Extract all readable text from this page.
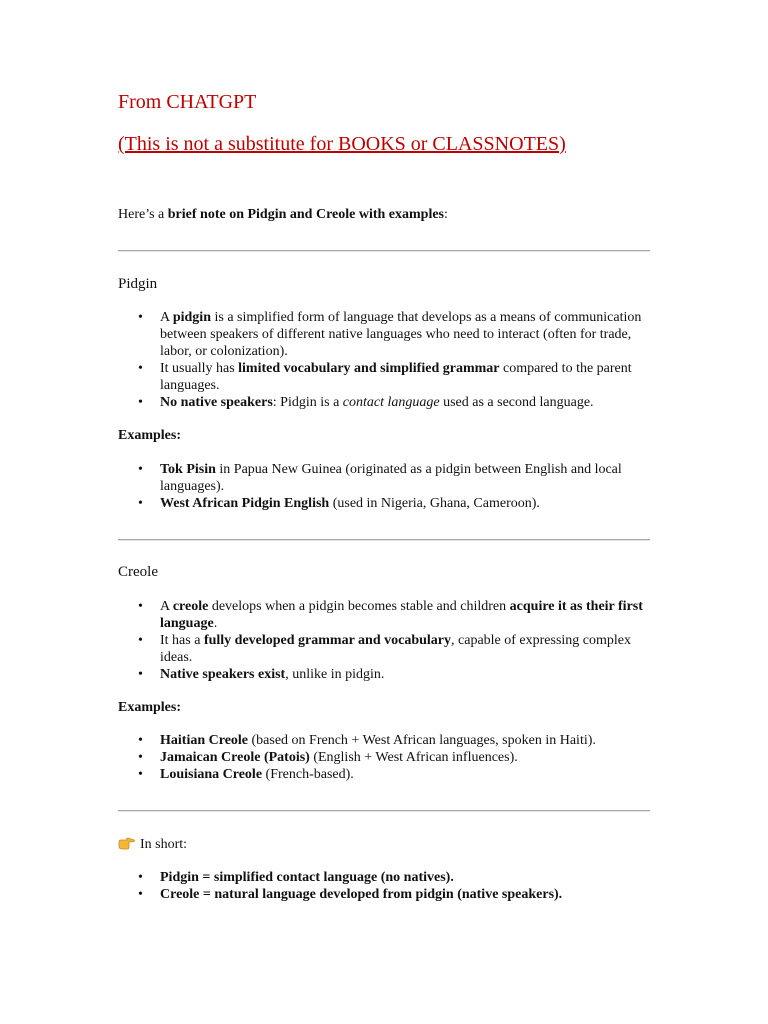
From CHATGPT
(This is not a substitute for BOOKS or CLASSNOTES)
Here’s a brief note on Pidgin and Creole with examples:
Pidgin
• A pidgin is a simplified form of language that develops as a means of communication between speakers of different native languages who need to interact (often for trade, labor, or colonization).
• It usually has limited vocabulary and simplified grammar compared to the parent languages.
• No native speakers: Pidgin is a contact language used as a second language.
Examples:
• Tok Pisin in Papua New Guinea (originated as a pidgin between English and local languages).
• West African Pidgin English (used in Nigeria, Ghana, Cameroon).
Creole
• A creole develops when a pidgin becomes stable and children acquire it as their first language.
• It has a fully developed grammar and vocabulary, capable of expressing complex ideas.
• Native speakers exist, unlike in pidgin.
Examples:
• Haitian Creole (based on French + West African languages, spoken in Haiti).
• Jamaican Creole (Patois) (English + West African influences).
• Louisiana Creole (French-based).
In short:
• Pidgin = simplified contact language (no natives).
• Creole = natural language developed from pidgin (native speakers).
